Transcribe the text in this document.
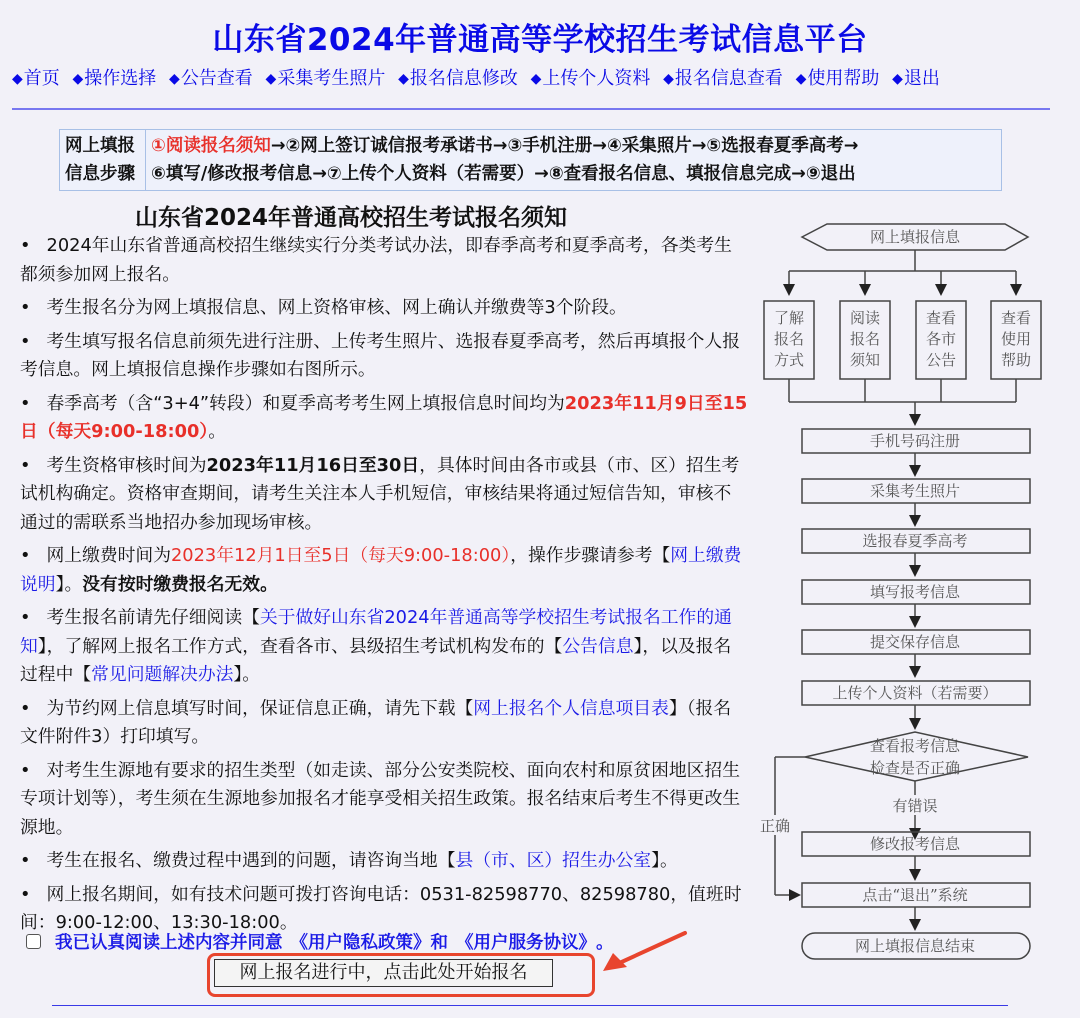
山东省2024年普通高等学校招生考试信息平台
◆首页 ◆操作选择 ◆公告查看 ◆采集考生照片 ◆报名信息修改 ◆上传个人资料 ◆报名信息查看 ◆使用帮助 ◆退出
网上填报
信息步骤
①阅读报名须知→②网上签订诚信报考承诺书→③手机注册→④采集照片→⑤选报春夏季高考→
⑥填写/修改报考信息→⑦上传个人资料（若需要）→⑧查看报名信息、填报信息完成→⑨退出
山东省2024年普通高校招生考试报名须知

• 2024年山东省普通高校招生继续实行分类考试办法，即春季高考和夏季高考，各类考生都须参加网上报名。

• 考生报名分为网上填报信息、网上资格审核、网上确认并缴费等3个阶段。

• 考生填写报名信息前须先进行注册、上传考生照片、选报春夏季高考，然后再填报个人报考信息。网上填报信息操作步骤如右图所示。

• 春季高考（含“3+4”转段）和夏季高考考生网上填报信息时间均为2023年11月9日至15日（每天9:00-18:00）。

• 考生资格审核时间为2023年11月16日至30日，具体时间由各市或县（市、区）招生考试机构确定。资格审查期间，请考生关注本人手机短信，审核结果将通过短信告知，审核不通过的需联系当地招办参加现场审核。

• 网上缴费时间为2023年12月1日至5日（每天9:00-18:00），操作步骤请参考【网上缴费说明】。没有按时缴费报名无效。

• 考生报名前请先仔细阅读【关于做好山东省2024年普通高等学校招生考试报名工作的通知】，了解网上报名工作方式，查看各市、县级招生考试机构发布的【公告信息】，以及报名过程中【常见问题解决办法】。

• 为节约网上信息填写时间，保证信息正确，请先下载【网上报名个人信息项目表】（报名文件附件3）打印填写。

• 对考生生源地有要求的招生类型（如走读、部分公安类院校、面向农村和原贫困地区招生专项计划等），考生须在生源地参加报名才能享受相关招生政策。报名结束后考生不得更改生源地。

• 考生在报名、缴费过程中遇到的问题，请咨询当地【县（市、区）招生办公室】。

• 网上报名期间，如有技术问题可拨打咨询电话：0531-82598770、82598780，值班时间：9:00-12:00、13:30-18:00。

我已认真阅读上述内容并同意 《用户隐私政策》 和 《用户服务协议》 。
网上报名进行中，点击此处开始报名
网上填报信息
了解
报名
方式
阅读
报名
须知
查看
各市
公告
查看
使用
帮助
手机号码注册
采集考生照片
选报春夏季高考
填写报考信息
提交保存信息
上传个人资料（若需要）
查看报考信息
检查是否正确
有错误
正确
修改报考信息
点击“退出”系统
网上填报信息结束
